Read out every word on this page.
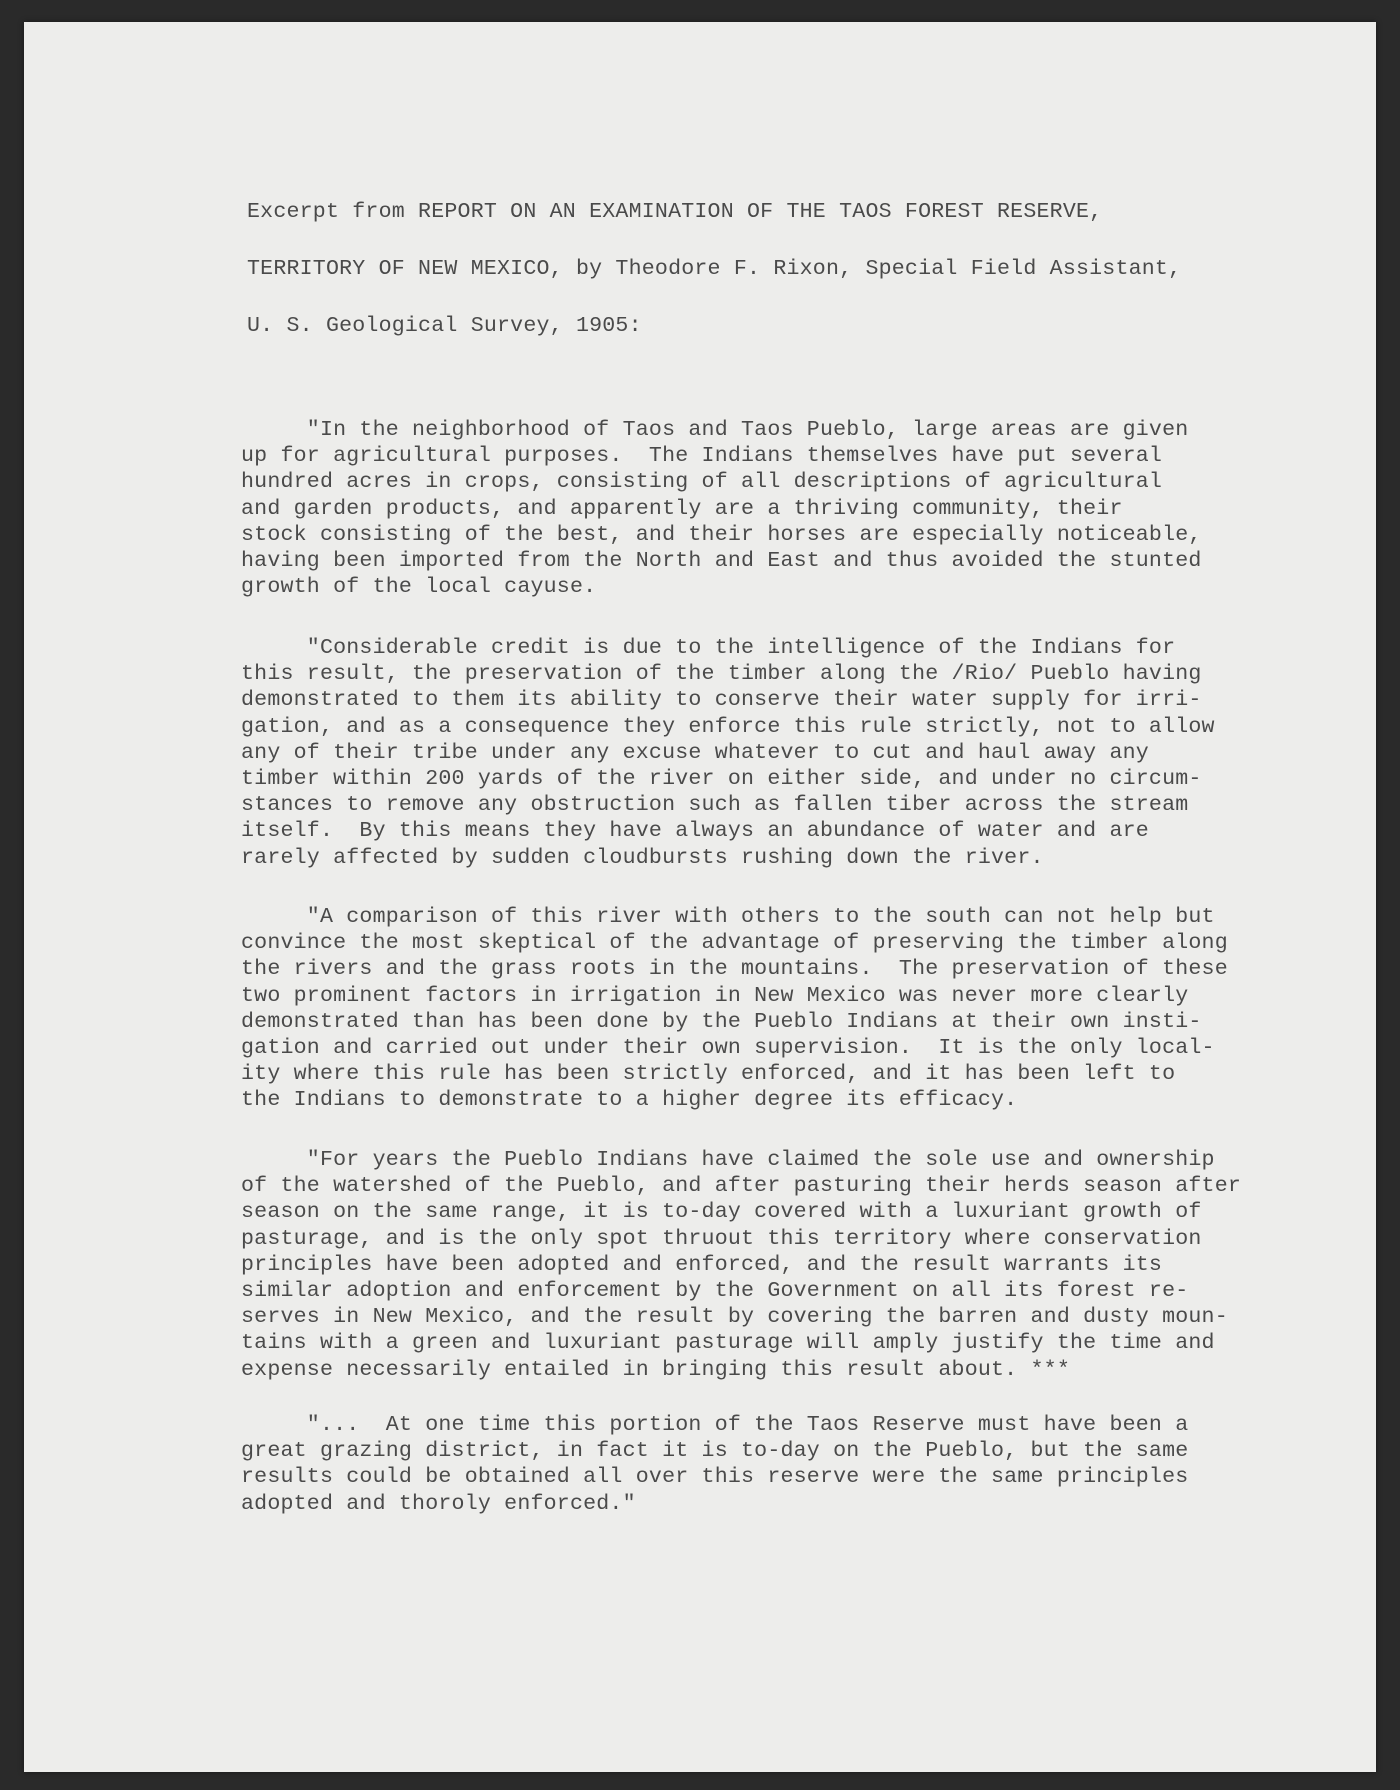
Excerpt from REPORT ON AN EXAMINATION OF THE TAOS FOREST RESERVE,
TERRITORY OF NEW MEXICO, by Theodore F. Rixon, Special Field Assistant,
U. S. Geological Survey, 1905:
"In the neighborhood of Taos and Taos Pueblo, large areas are given
up for agricultural purposes.  The Indians themselves have put several
hundred acres in crops, consisting of all descriptions of agricultural
and garden products, and apparently are a thriving community, their
stock consisting of the best, and their horses are especially noticeable,
having been imported from the North and East and thus avoided the stunted
growth of the local cayuse.
"Considerable credit is due to the intelligence of the Indians for
this result, the preservation of the timber along the /Rio/ Pueblo having
demonstrated to them its ability to conserve their water supply for irri-
gation, and as a consequence they enforce this rule strictly, not to allow
any of their tribe under any excuse whatever to cut and haul away any
timber within 200 yards of the river on either side, and under no circum-
stances to remove any obstruction such as fallen tiber across the stream
itself.  By this means they have always an abundance of water and are
rarely affected by sudden cloudbursts rushing down the river.
"A comparison of this river with others to the south can not help but
convince the most skeptical of the advantage of preserving the timber along
the rivers and the grass roots in the mountains.  The preservation of these
two prominent factors in irrigation in New Mexico was never more clearly
demonstrated than has been done by the Pueblo Indians at their own insti-
gation and carried out under their own supervision.  It is the only local-
ity where this rule has been strictly enforced, and it has been left to
the Indians to demonstrate to a higher degree its efficacy.
"For years the Pueblo Indians have claimed the sole use and ownership
of the watershed of the Pueblo, and after pasturing their herds season after
season on the same range, it is to-day covered with a luxuriant growth of
pasturage, and is the only spot thruout this territory where conservation
principles have been adopted and enforced, and the result warrants its
similar adoption and enforcement by the Government on all its forest re-
serves in New Mexico, and the result by covering the barren and dusty moun-
tains with a green and luxuriant pasturage will amply justify the time and
expense necessarily entailed in bringing this result about. ***
"...  At one time this portion of the Taos Reserve must have been a
great grazing district, in fact it is to-day on the Pueblo, but the same
results could be obtained all over this reserve were the same principles
adopted and thoroly enforced."
